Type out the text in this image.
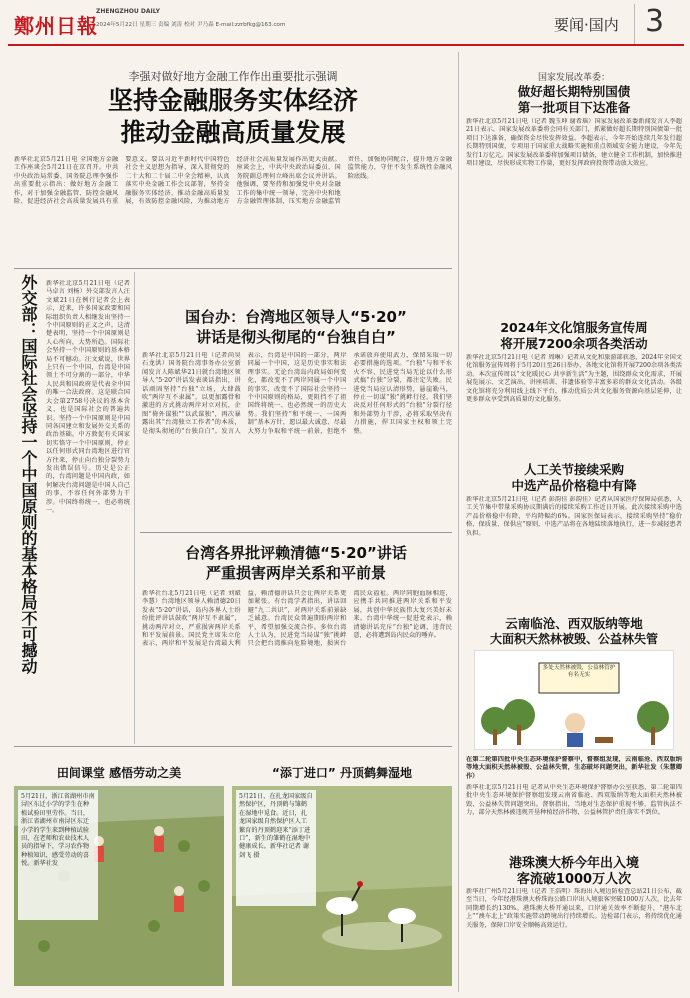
鄭州日報
ZHENGZHOU DAILY
2024年5月22日 星期三 责编 刘涛 校对 尹乃森 E-mail:zzrbfkg@163.com	要闻·国内 3
李强对做好地方金融工作作出重要批示强调
坚持金融服务实体经济
推动金融高质量发展
新华社北京5月21日电 全国地方金融工作座谈会5月21日在京召开。中共中央政治局常委、国务院总理李强作出重要批示指出：做好地方金融工作，对于加强金融监管、防控金融风险、促进经济社会高质量发展具有重要意义。要以习近平新时代中国特色社会主义思想为指导，深入贯彻党的二十大和二十届二中全会精神，认真落实中央金融工作会议部署，坚持金融服务实体经济，推动金融高质量发展，有效防控金融风险，为推动地方经济社会高质量发展作出更大贡献。座谈会上，中共中央政治局委员、国务院副总理何立峰出席会议并讲话。他强调，要坚持和加强党中央对金融工作的集中统一领导，完善中央和地方金融管理体制，压实地方金融监管责任，加强协同配合，提升地方金融监管能力，守住不发生系统性金融风险底线。
外交部：国际社会坚持一个中国原则的基本格局不可撼动	新华社北京5月21日电（记者马卓言 刘杨）外交部发言人汪文斌21日在例行记者会上表示，近来，许多国家政要和国际组织负责人相继发出坚持一个中国原则的正义之声。这清楚表明，坚持一个中国原则是人心所向，大势所趋。国际社会坚持一个中国原则的基本格局不可撼动。汪文斌说，世界上只有一个中国，台湾是中国领土不可分割的一部分，中华人民共和国政府是代表全中国的唯一合法政府。这是联合国大会第2758号决议的基本含义，也是国际社会的普遍共识。坚持一个中国原则是中国同各国建立和发展外交关系的政治基础。中方敦促有关国家切实恪守一个中国原则，停止以任何形式同台湾地区进行官方往来，停止向台独分裂势力发出错误信号。历史是公正的，台湾问题是中国内政，如何解决台湾问题是中国人自己的事，不容任何外部势力干涉。中国终将统一，也必将统一。
国台办：台湾地区领导人“5·20”
讲话是彻头彻尾的“台独自白”
新华社北京5月21日电（记者尚昊 石龙洪）国务院台湾事务办公室新闻发言人陈斌华21日就台湾地区领导人“5·20”讲话发表谈话指出，讲话顽固坚持“台独”立场，大肆鼓吹“两岸互不隶属”，以更加露骨和激进的方式挑动两岸对立对抗，企图“倚外谋独”“以武谋独”，再次暴露出其“台湾独立工作者”的本质，是彻头彻尾的“台独自白”。发言人表示，台湾是中国的一部分，两岸同属一个中国，这是历史事实和法理事实。无论台湾岛内政局如何变化，都改变不了两岸同属一个中国的事实，改变不了国际社会坚持一个中国原则的格局，更阻挡不了祖国终将统一、也必然统一的历史大势。我们坚持“和平统一、一国两制”基本方针，愿以最大诚意、尽最大努力争取和平统一前景，但绝不承诺放弃使用武力，保留采取一切必要措施的选项。“台独”与和平水火不容，民进党当局无论以什么形式搞“台独”分裂，都注定失败。民进党当局应认清形势，悬崖勒马，停止一切谋“独”挑衅行径。我们坚决反对任何形式的“台独”分裂行径和外部势力干涉，必将采取坚决有力措施，捍卫国家主权和领土完整。
台湾各界批评赖清德“5·20”讲话
严重损害两岸关系和平前景
新华社台北5月21日电（记者 刘斌 李慧）台湾地区领导人赖清德20日发表“5·20”讲话，岛内各界人士纷纷批评讲话鼓吹“两岸互不隶属”，挑动两岸对立，严重损害两岸关系和平发展前景。国民党主席朱立伦表示，两岸和平发展是台湾最大利益，赖清德讲话只会让两岸关系更加紧张。有台湾学者指出，讲话回避“九二共识”，对两岸关系前景缺乏诚意。台湾民众普遍期盼两岸和平，希望加强交流合作。多位台湾人士认为，民进党当局谋“独”挑衅只会把台湾推向危险境地，损害台湾民众福祉。两岸同胞血脉相连，应携手共同推进两岸关系和平发展，共创中华民族伟大复兴美好未来。台湾中华统一促进党表示，赖清德讲话充斥“台独”论调，违背民意，必将遭到岛内民众的唾弃。
田间课堂 感悟劳动之美
5月21日，浙江省湖州市南浔区东迁小学的学生在种植试验田里劳作。当日，浙江省湖州市南浔区东迁小学的学生来到种植试验田，在老师和农业技术人员的指导下，学习农作物种植知识，感受劳动的喜悦。新华社发
“添丁进口” 丹顶鹤舞湿地
5月21日，在扎龙国家级自然保护区，丹顶鹤与雏鹤在湿地中觅食。近日，扎龙国家级自然保护区人工繁育的丹顶鹤迎来“添丁进口”，新生的雏鹤在湿地中健康成长。新华社记者 谢剑飞 摄
国家发展改革委：
做好超长期特别国债
第一批项目下达准备
新华社北京5月21日电（记者 魏玉坤 谢希瑶）国家发展改革委新闻发言人李超21日表示，国家发展改革委将会同有关部门，抓紧做好超长期特别国债第一批项目下达准备，确保资金尽快发挥效益。李超表示，今年开始连续几年发行超长期特别国债，专项用于国家重大战略实施和重点领域安全能力建设，今年先发行1万亿元。国家发展改革委将加强项目储备，建立健全工作机制，加快推进项目建设，尽快形成实物工作量，更好发挥政府投资带动放大效应。
2024年文化馆服务宣传周
将开展7200余项各类活动
新华社北京5月21日电（记者 周琳）记者从文化和旅游部获悉，2024年全国文化馆服务宣传周将于5月20日至26日举办，各地文化馆将开展7200余项各类活动。本次宣传周以“文化暖民心 共享新生活”为主题，围绕群众文化需求，开展展览展示、文艺演出、讲座培训、非遗体验等丰富多彩的群众文化活动。各级文化馆将充分利用线上线下平台，推动优质公共文化服务资源向基层延伸，让更多群众享受到高质量的文化服务。
人工关节接续采购
中选产品价格稳中有降
新华社北京5月21日电（记者 彭韵佳 彭韵佳）记者从国家医疗保障局获悉，人工关节集中带量采购协议期满后的接续采购工作近日开展。此次接续采购中选产品价格稳中有降，平均降幅约6%。国家医保局表示，接续采购坚持“稳价格、保质量、保供应”原则，中选产品将在各地陆续落地执行，进一步减轻患者负担。
云南临沧、西双版纳等地
大面积天然林被毁、公益林失管
多处天然林被毁，公益林管护有名无实
在第二轮第四批中央生态环境保护督察中，督察组发现，云南临沧、西双版纳等地大面积天然林被毁、公益林失管，生态破坏问题突出，新华社发（朱慧卿作）
新华社北京5月21日电 记者从中央生态环境保护督察办公室获悉，第二轮第四批中央生态环境保护督察组发现云南省临沧、西双版纳等地大面积天然林被毁、公益林失管问题突出。督察指出，当地对生态保护重视不够，监管执法不力，部分天然林被违规开垦种植经济作物，公益林管护责任落实不到位。
港珠澳大桥今年出入境
客流破1000万人次
新华社广州5月21日电（记者 王浩明）珠海出入境边防检查总站21日公布，截至当日，今年经港珠澳大桥珠海公路口岸出入境旅客突破1000万人次，比去年同期增长约130%。港珠澳大桥开通以来，口岸通关效率不断提升，“港车北上”“澳车北上”政策实施带动跨境出行持续增长。边检部门表示，将持续优化通关服务，保障口岸安全顺畅高效运行。
